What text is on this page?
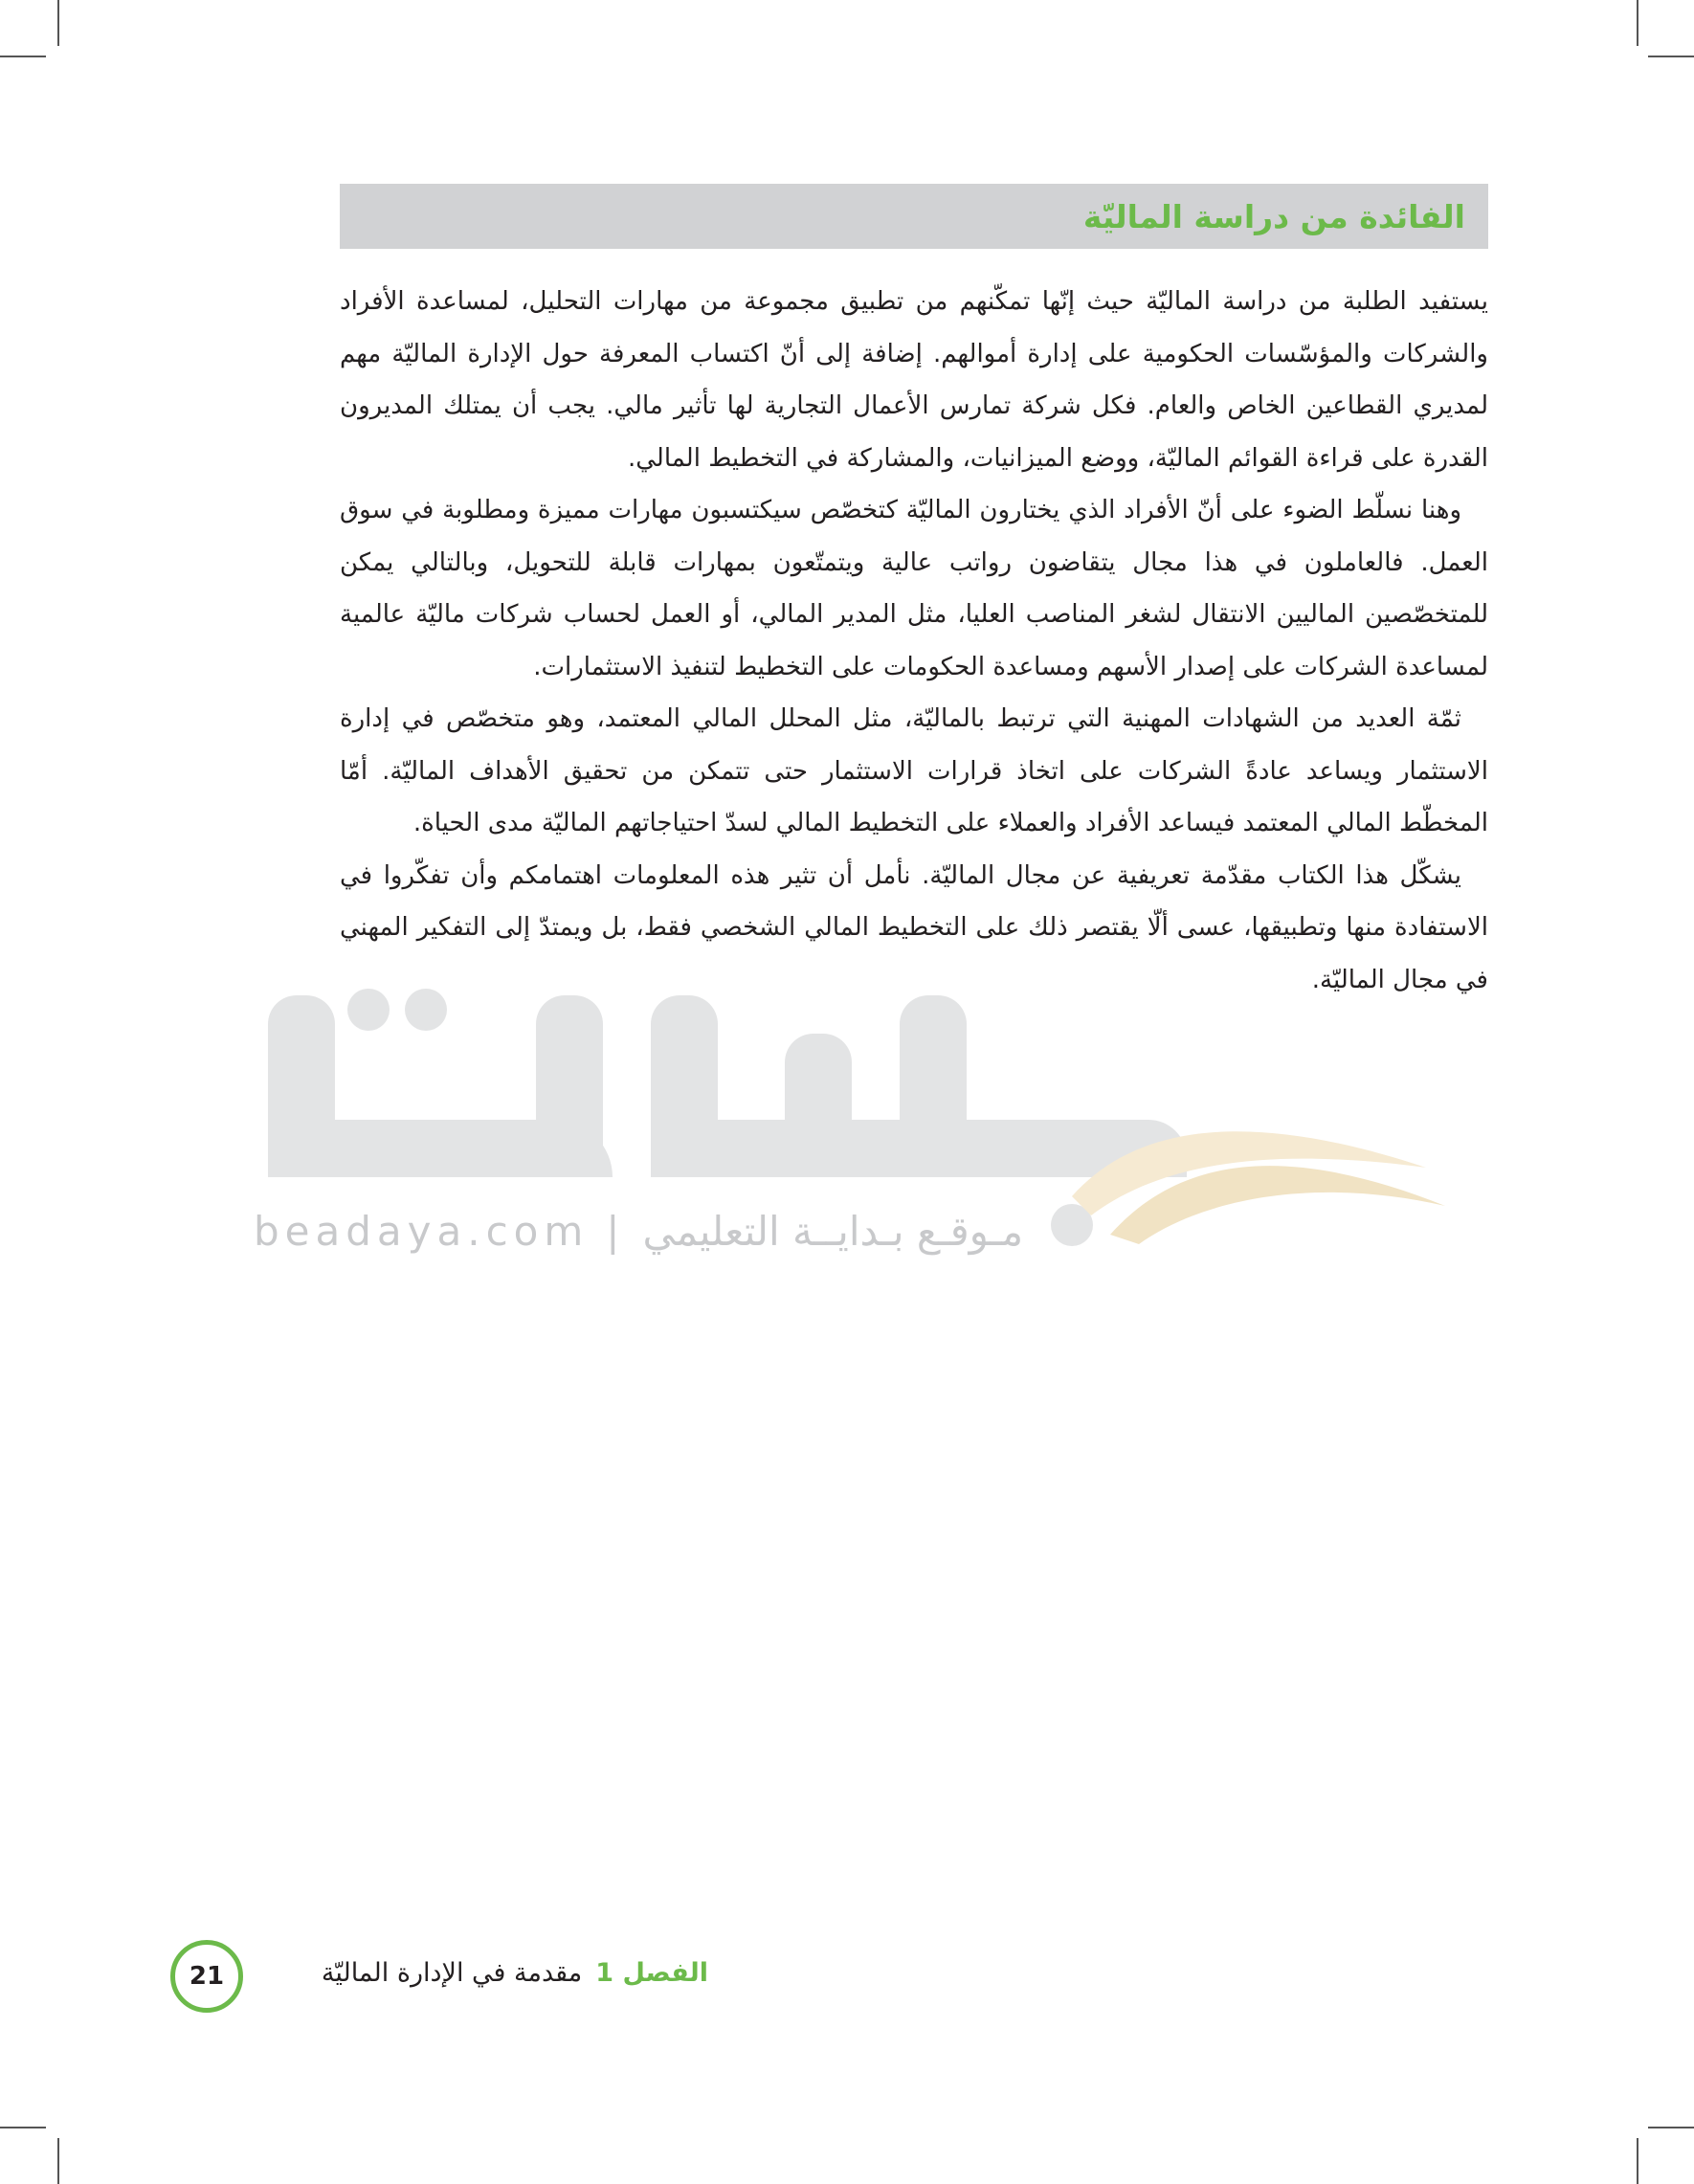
beadaya.com | مـوقـع بـدايــة التعليمي
الفائدة من دراسة الماليّة

يستفيد الطلبة من دراسة الماليّة حيث إنّها تمكّنهم من تطبيق مجموعة من مهارات التحليل، لمساعدة الأفراد والشركات والمؤسّسات الحكومية على إدارة أموالهم. إضافة إلى أنّ اكتساب المعرفة حول الإدارة الماليّة مهم لمديري القطاعين الخاص والعام. فكل شركة تمارس الأعمال التجارية لها تأثير مالي. يجب أن يمتلك المديرون القدرة على قراءة القوائم الماليّة، ووضع الميزانيات، والمشاركة في التخطيط المالي.

وهنا نسلّط الضوء على أنّ الأفراد الذي يختارون الماليّة كتخصّص سيكتسبون مهارات مميزة ومطلوبة في سوق العمل. فالعاملون في هذا مجال يتقاضون رواتب عالية ويتمتّعون بمهارات قابلة للتحويل، وبالتالي يمكن للمتخصّصين الماليين الانتقال لشغر المناصب العليا، مثل المدير المالي، أو العمل لحساب شركات ماليّة عالمية لمساعدة الشركات على إصدار الأسهم ومساعدة الحكومات على التخطيط لتنفيذ الاستثمارات.

ثمّة العديد من الشهادات المهنية التي ترتبط بالماليّة، مثل المحلل المالي المعتمد، وهو متخصّص في إدارة الاستثمار ويساعد عادةً الشركات على اتخاذ قرارات الاستثمار حتى تتمكن من تحقيق الأهداف الماليّة. أمّا المخطّط المالي المعتمد فيساعد الأفراد والعملاء على التخطيط المالي لسدّ احتياجاتهم الماليّة مدى الحياة.

يشكّل هذا الكتاب مقدّمة تعريفية عن مجال الماليّة. نأمل أن تثير هذه المعلومات اهتمامكم وأن تفكّروا في الاستفادة منها وتطبيقها، عسى ألّا يقتصر ذلك على التخطيط المالي الشخصي فقط، بل ويمتدّ إلى التفكير المهني في مجال الماليّة.

الفصل 1مقدمة في الإدارة الماليّة
21
